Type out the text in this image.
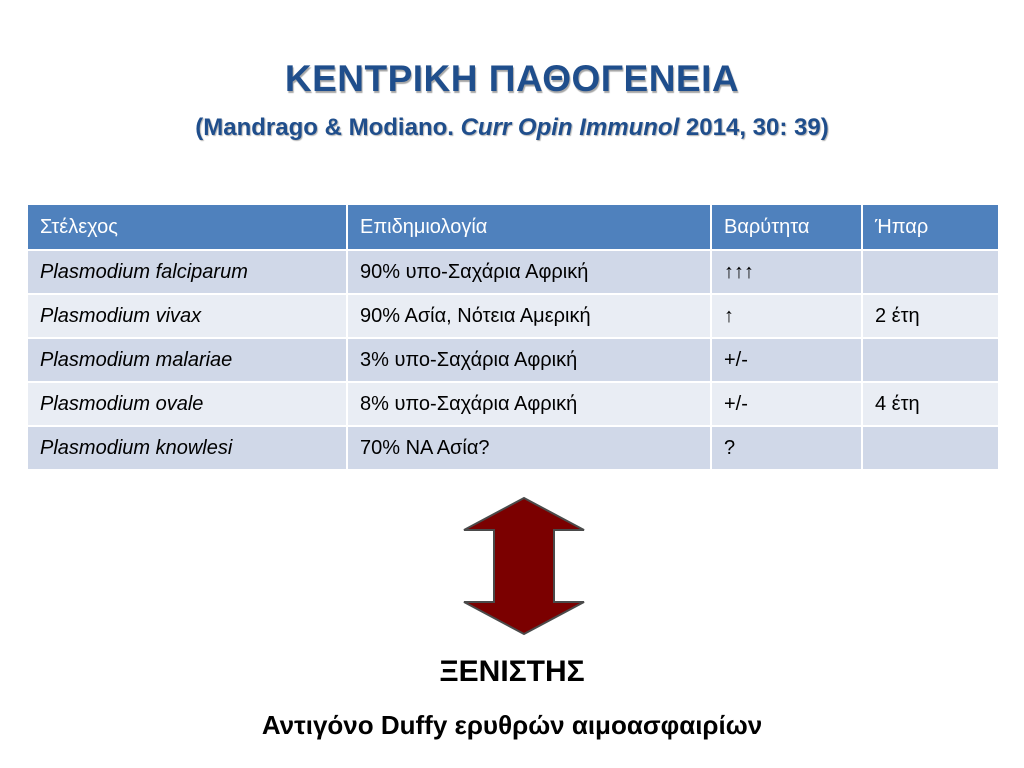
ΚΕΝΤΡΙΚΗ ΠΑΘΟΓΕΝΕΙΑ
(Mandrago & Modiano. Curr Opin Immunol 2014, 30: 39)
Στέλεχος	Επιδημιολογία	Βαρύτητα	Ήπαρ
Plasmodium falciparum	90% υπο-Σαχάρια Αφρική	↑↑↑	
Plasmodium vivax	90% Ασία, Νότεια Αμερική	↑	2 έτη
Plasmodium malariae	3% υπο-Σαχάρια Αφρική	+/-	
Plasmodium ovale	8% υπο-Σαχάρια Αφρική	+/-	4 έτη
Plasmodium knowlesi	70% ΝΑ Ασία?	?	
ΞΕΝΙΣΤΗΣ
Αντιγόνο Duffy ερυθρών αιμοασφαιρίων
